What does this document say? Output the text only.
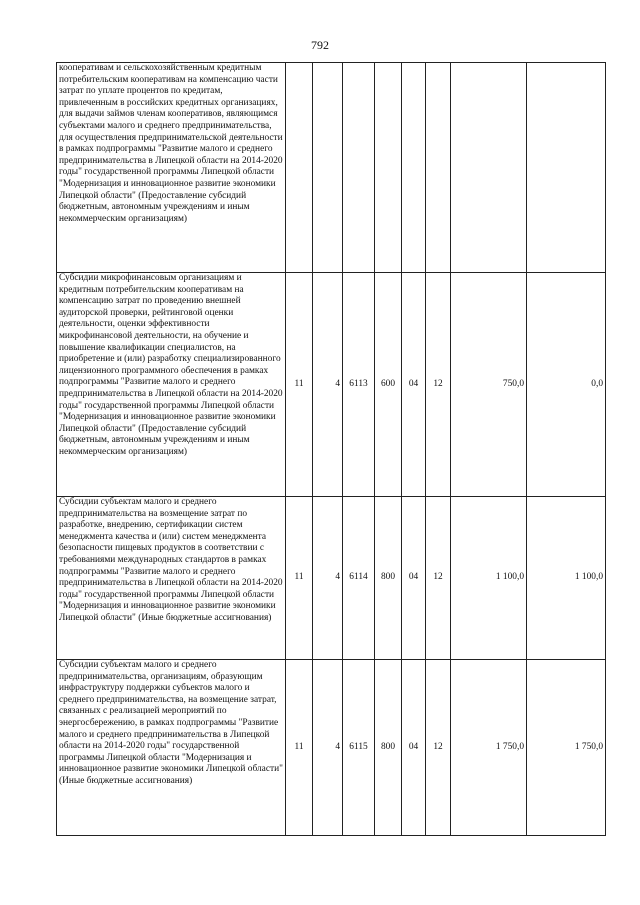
792
кооперативам и сельскохозяйственным кредитным потребительским кооперативам на компенсацию части затрат по уплате процентов по кредитам, привлеченным в российских кредитных организациях, для выдачи займов членам кооперативов, являющимся субъектами малого и среднего предпринимательства, для осуществления предпринимательской деятельности в рамках подпрограммы "Развитие малого и среднего предпринимательства в Липецкой области на 2014-2020 годы" государственной программы Липецкой области "Модернизация и инновационное развитие экономики Липецкой области" (Предоставление субсидий бюджетным, автономным учреждениям и иным некоммерческим организациям)								
Субсидии микрофинансовым организациям и кредитным потребительским кооперативам на компенсацию затрат по проведению внешней аудиторской проверки, рейтинговой оценки деятельности, оценки эффективности микрофинансовой деятельности, на обучение и повышение квалификации специалистов, на приобретение и (или) разработку специализированного лицензионного программного обеспечения в рамках подпрограммы "Развитие малого и среднего предпринимательства в Липецкой области на 2014-2020 годы" государственной программы Липецкой области "Модернизация и инновационное развитие экономики Липецкой области" (Предоставление субсидий бюджетным, автономным учреждениям и иным некоммерческим организациям)	11	4	6113	600	04	12	750,0	0,0
Субсидии субъектам малого и среднего предпринимательства на возмещение затрат по разработке, внедрению, сертификации систем менеджмента качества и (или) систем менеджмента безопасности пищевых продуктов в соответствии с требованиями международных стандартов в рамках подпрограммы "Развитие малого и среднего предпринимательства в Липецкой области на 2014-2020 годы" государственной программы Липецкой области "Модернизация и инновационное развитие экономики Липецкой области" (Иные бюджетные ассигнования)	11	4	6114	800	04	12	1 100,0	1 100,0
Субсидии субъектам малого и среднего предпринимательства, организациям, образующим инфраструктуру поддержки субъектов малого и среднего предпринимательства, на возмещение затрат, связанных с реализацией мероприятий по энергосбережению, в рамках подпрограммы "Развитие малого и среднего предпринимательства в Липецкой области на 2014-2020 годы" государственной программы Липецкой области "Модернизация и инновационное развитие экономики Липецкой области" (Иные бюджетные ассигнования)	11	4	6115	800	04	12	1 750,0	1 750,0
